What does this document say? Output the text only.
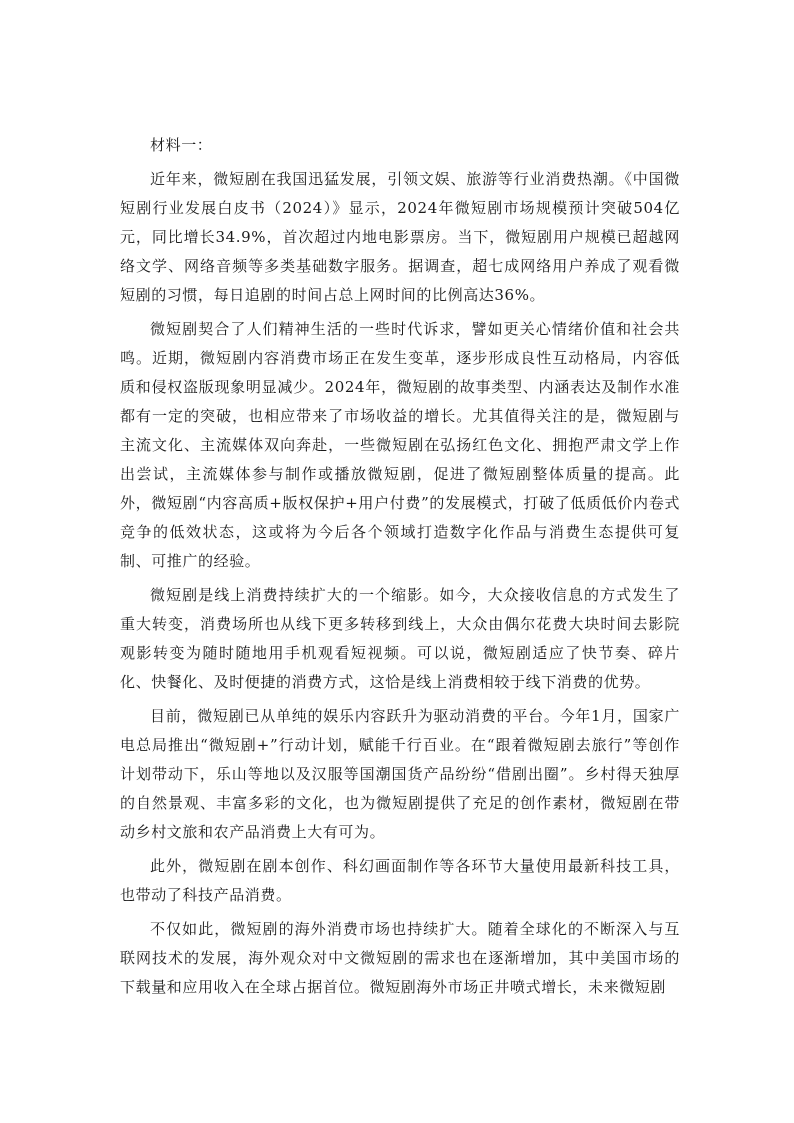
材料一：

近年来，微短剧在我国迅猛发展，引领文娱、旅游等行业消费热潮。《中国微短剧行业发展白皮书（2024）》显示，2024年微短剧市场规模预计突破504亿元，同比增长34.9%，首次超过内地电影票房。当下，微短剧用户规模已超越网络文学、网络音频等多类基础数字服务。据调查，超七成网络用户养成了观看微短剧的习惯，每日追剧的时间占总上网时间的比例高达36%。

微短剧契合了人们精神生活的一些时代诉求，譬如更关心情绪价值和社会共鸣。近期，微短剧内容消费市场正在发生变革，逐步形成良性互动格局，内容低质和侵权盗版现象明显减少。2024年，微短剧的故事类型、内涵表达及制作水准都有一定的突破，也相应带来了市场收益的增长。尤其值得关注的是，微短剧与主流文化、主流媒体双向奔赴，一些微短剧在弘扬红色文化、拥抱严肃文学上作出尝试，主流媒体参与制作或播放微短剧，促进了微短剧整体质量的提高。此外，微短剧“内容高质+版权保护+用户付费”的发展模式，打破了低质低价内卷式竞争的低效状态，这或将为今后各个领域打造数字化作品与消费生态提供可复制、可推广的经验。

微短剧是线上消费持续扩大的一个缩影。如今，大众接收信息的方式发生了重大转变，消费场所也从线下更多转移到线上，大众由偶尔花费大块时间去影院观影转变为随时随地用手机观看短视频。可以说，微短剧适应了快节奏、碎片化、快餐化、及时便捷的消费方式，这恰是线上消费相较于线下消费的优势。

目前，微短剧已从单纯的娱乐内容跃升为驱动消费的平台。今年1月，国家广电总局推出“微短剧+”行动计划，赋能千行百业。在“跟着微短剧去旅行”等创作计划带动下，乐山等地以及汉服等国潮国货产品纷纷“借剧出圈”。乡村得天独厚的自然景观、丰富多彩的文化，也为微短剧提供了充足的创作素材，微短剧在带动乡村文旅和农产品消费上大有可为。

此外，微短剧在剧本创作、科幻画面制作等各环节大量使用最新科技工具，也带动了科技产品消费。

不仅如此，微短剧的海外消费市场也持续扩大。随着全球化的不断深入与互联网技术的发展，海外观众对中文微短剧的需求也在逐渐增加，其中美国市场的下载量和应用收入在全球占据首位。微短剧海外市场正井喷式增长，未来微短剧
